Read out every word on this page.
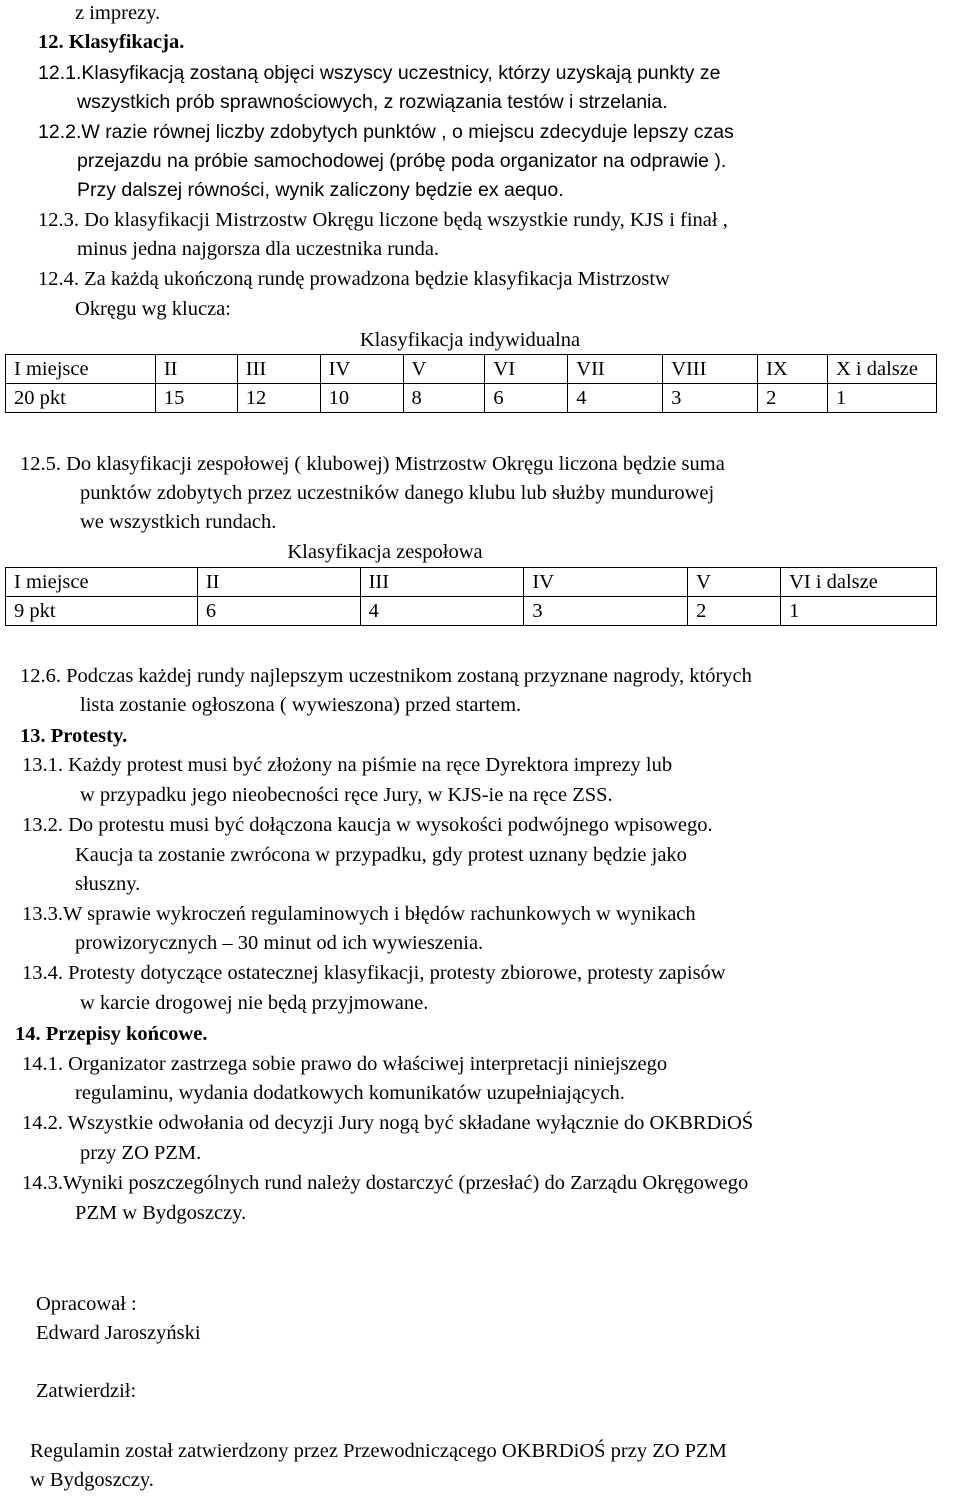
z imprezy.
12. Klasyfikacja.
12.1.Klasyfikacją zostaną objęci wszyscy uczestnicy, którzy uzyskają punkty ze
wszystkich prób sprawnościowych, z rozwiązania testów i strzelania.
12.2.W razie równej liczby zdobytych punktów , o miejscu zdecyduje lepszy czas
przejazdu na próbie samochodowej (próbę poda organizator na odprawie ).
Przy dalszej równości, wynik zaliczony będzie ex aequo.
12.3. Do klasyfikacji Mistrzostw Okręgu liczone będą wszystkie rundy, KJS i finał ,
minus jedna najgorsza dla uczestnika runda.
12.4. Za każdą ukończoną rundę prowadzona będzie klasyfikacja Mistrzostw
Okręgu wg klucza:
Klasyfikacja indywidualna
I miejsce	II	III	IV	V	VI	VII	VIII	IX	X i dalsze
20 pkt	15	12	10	8	6	4	3	2	1
12.5. Do klasyfikacji zespołowej ( klubowej) Mistrzostw Okręgu liczona będzie suma
punktów zdobytych przez uczestników danego klubu lub służby mundurowej
we wszystkich rundach.
Klasyfikacja zespołowa
I miejsce	II	III	IV	V	VI i dalsze
9 pkt	6	4	3	2	1
12.6. Podczas każdej rundy najlepszym uczestnikom zostaną przyznane nagrody, których
lista zostanie ogłoszona ( wywieszona) przed startem.
13. Protesty.
13.1. Każdy protest musi być złożony na piśmie na ręce Dyrektora imprezy lub
w przypadku jego nieobecności ręce Jury, w KJS-ie na ręce ZSS.
13.2. Do protestu musi być dołączona kaucja w wysokości podwójnego wpisowego.
Kaucja ta zostanie zwrócona w przypadku, gdy protest uznany będzie jako
słuszny.
13.3.W sprawie wykroczeń regulaminowych i błędów rachunkowych w wynikach
prowizorycznych – 30 minut od ich wywieszenia.
13.4. Protesty dotyczące ostatecznej klasyfikacji, protesty zbiorowe, protesty zapisów
w karcie drogowej nie będą przyjmowane.
14. Przepisy końcowe.
14.1. Organizator zastrzega sobie prawo do właściwej interpretacji niniejszego
regulaminu, wydania dodatkowych komunikatów uzupełniających.
14.2. Wszystkie odwołania od decyzji Jury nogą być składane wyłącznie do OKBRDiOŚ
przy ZO PZM.
14.3.Wyniki poszczególnych rund należy dostarczyć (przesłać) do Zarządu Okręgowego
PZM w Bydgoszczy.
Opracował :
Edward Jaroszyński
Zatwierdził:
Regulamin został zatwierdzony przez Przewodniczącego OKBRDiOŚ przy ZO PZM
w Bydgoszczy.
